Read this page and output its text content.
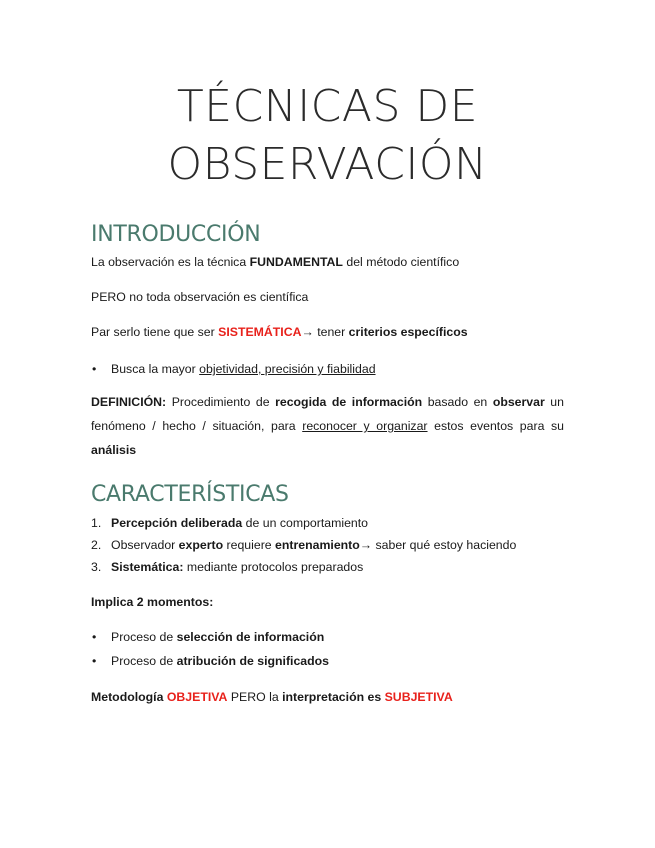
TÉCNICAS DE
OBSERVACIÓN
INTRODUCCIÓN
La observación es la técnica FUNDAMENTAL del método científico
PERO no toda observación es científica
Par serlo tiene que ser SISTEMÁTICA→ tener criterios específicos
• Busca la mayor objetividad, precisión y fiabilidad
DEFINICIÓN: Procedimiento de recogida de información basado en observar un fenómeno / hecho / situación, para reconocer y organizar estos eventos para su análisis
CARACTERÍSTICAS
1. Percepción deliberada de un comportamiento
2. Observador experto requiere entrenamiento→ saber qué estoy haciendo
3. Sistemática: mediante protocolos preparados
Implica 2 momentos:
• Proceso de selección de información
• Proceso de atribución de significados
Metodología OBJETIVA PERO la interpretación es SUBJETIVA
